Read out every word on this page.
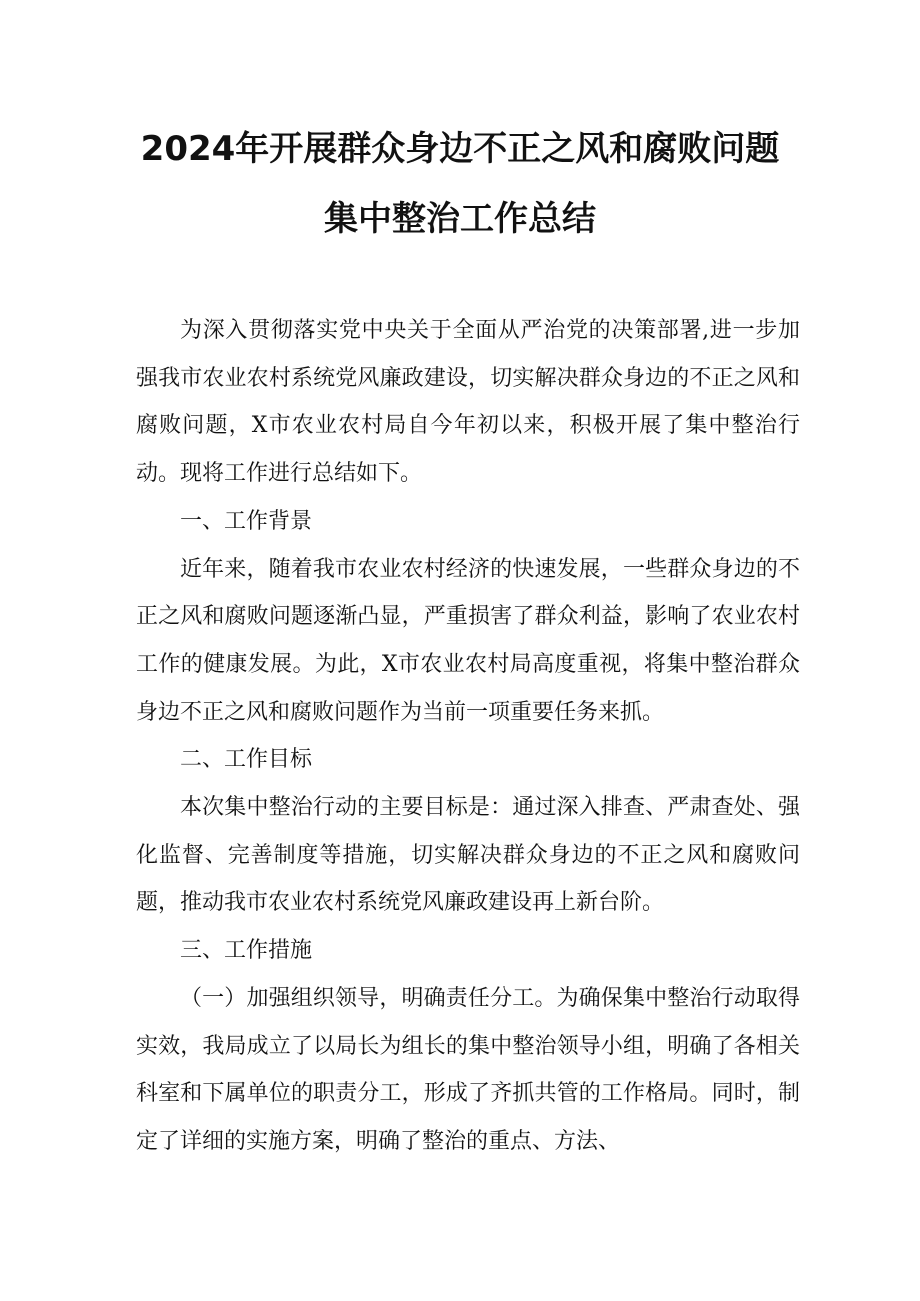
2024年开展群众身边不正之风和腐败问题
集中整治工作总结

为深入贯彻落实党中央关于全面从严治党的决策部署,进一步加强我市农业农村系统党风廉政建设，切实解决群众身边的不正之风和腐败问题，X市农业农村局自今年初以来，积极开展了集中整治行动。现将工作进行总结如下。

一、工作背景

近年来，随着我市农业农村经济的快速发展，一些群众身边的不正之风和腐败问题逐渐凸显，严重损害了群众利益，影响了农业农村工作的健康发展。为此，X市农业农村局高度重视，将集中整治群众身边不正之风和腐败问题作为当前一项重要任务来抓。

二、工作目标

本次集中整治行动的主要目标是：通过深入排查、严肃查处、强化监督、完善制度等措施，切实解决群众身边的不正之风和腐败问题，推动我市农业农村系统党风廉政建设再上新台阶。

三、工作措施

（一）加强组织领导，明确责任分工。为确保集中整治行动取得实效，我局成立了以局长为组长的集中整治领导小组，明确了各相关科室和下属单位的职责分工，形成了齐抓共管的工作格局。同时，制定了详细的实施方案，明确了整治的重点、方法、
